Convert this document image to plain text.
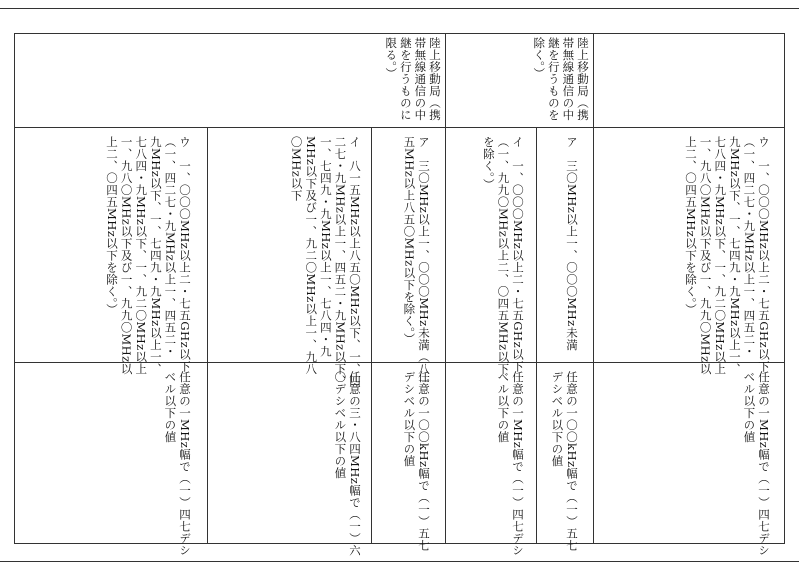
陸上移動局（携
帯無線通信の中
継を行うものに
限る。）	陸上移動局（携
帯無線通信の中
継を行うものを
除く。）
ウ　一、〇〇〇MHz以上二・七五GHz以下
（一、四二七・九MHz以上一、四五二・
九MHz以下、一、七四九・九MHz以上一、
七八四・九MHz以下、一、九二〇MHz以上
一、九八〇MHz以下及び一、九九〇MHz以
上二、〇四五MHz以下を除く。）
ア　三〇MHz以上一、〇〇〇MHz未満
イ　一、〇〇〇MHz以上二・七五GHz以下
（一、九九〇MHz以上二、〇四五MHz以下
を除く。）
ア　三〇MHz以上一、〇〇〇MHz未満（八一
五MHz以上八五〇MHz以下を除く。）
イ　八一五MHz以上八五〇MHz以下、一、四
二七・九MHz以上一、四五二・九MHz以下、
一、七四九・九MHz以上一、七八四・九
MHz以下及び一、九二〇MHz以上一、九八
〇MHz以下
ウ　一、〇〇〇MHz以上二・七五GHz以下
（一、四二七・九MHz以上一、四五二・
九MHz以下、一、七四九・九MHz以上一、
七八四・九MHz以下、一、九二〇MHz以上
一、九八〇MHz以下及び一、九九〇MHz以
上二、〇四五MHz以下を除く。）
任意の一MHz幅で（一）四七デシ
ベル以下の値
任意の一〇〇kHz幅で（一）五七
デシベル以下の値
任意の一MHz幅で（一）四七デシ
ベル以下の値
任意の一〇〇kHz幅で（一）五七
デシベル以下の値
任意の三・八四MHz幅で（一）六
〇デシベル以下の値
任意の一MHz幅で（一）四七デシ
ベル以下の値
